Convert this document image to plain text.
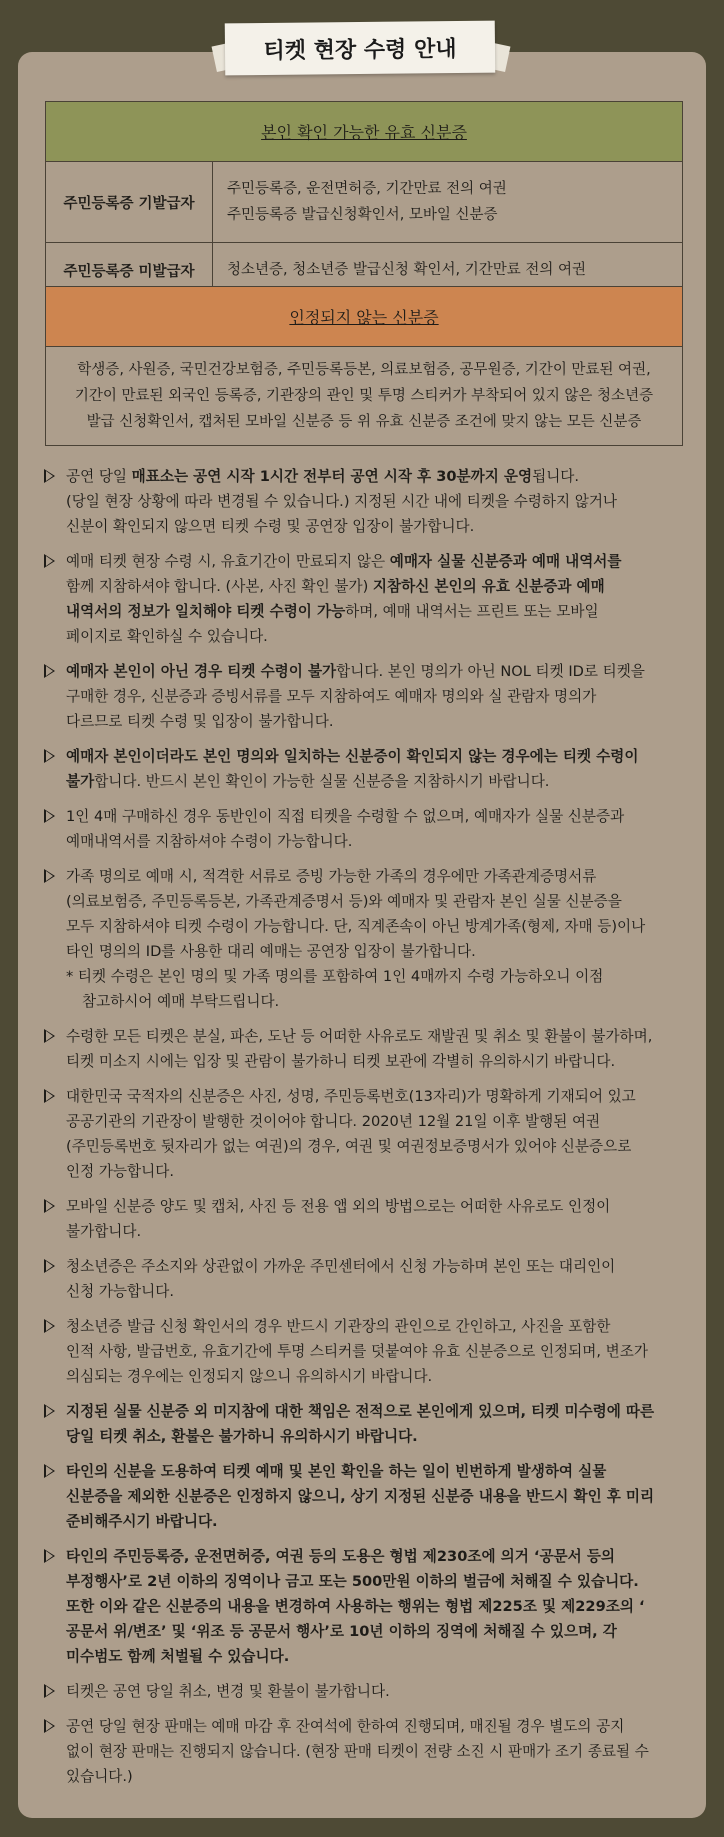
티켓 현장 수령 안내
본인 확인 가능한 유효 신분증	
주민등록증 기발급자	주민등록증, 운전면허증, 기간만료 전의 여권
주민등록증 발급신청확인서, 모바일 신분증

주민등록증 미발급자	청소년증, 청소년증 발급신청 확인서, 기간만료 전의 여권
인정되지 않는 신분증

학생증, 사원증, 국민건강보험증, 주민등록등본, 의료보험증, 공무원증, 기간이 만료된 여권,
기간이 만료된 외국인 등록증, 기관장의 관인 및 투명 스티커가 부착되어 있지 않은 청소년증
발급 신청확인서, 캡처된 모바일 신분증 등 위 유효 신분증 조건에 맞지 않는 모든 신분증
공연 당일 매표소는 공연 시작 1시간 전부터 공연 시작 후 30분까지 운영됩니다.
(당일 현장 상황에 따라 변경될 수 있습니다.) 지정된 시간 내에 티켓을 수령하지 않거나
신분이 확인되지 않으면 티켓 수령 및 공연장 입장이 불가합니다.
예매 티켓 현장 수령 시, 유효기간이 만료되지 않은 예매자 실물 신분증과 예매 내역서를
함께 지참하셔야 합니다. (사본, 사진 확인 불가) 지참하신 본인의 유효 신분증과 예매
내역서의 정보가 일치해야 티켓 수령이 가능하며, 예매 내역서는 프린트 또는 모바일
페이지로 확인하실 수 있습니다.
예매자 본인이 아닌 경우 티켓 수령이 불가합니다. 본인 명의가 아닌 NOL 티켓 ID로 티켓을
구매한 경우, 신분증과 증빙서류를 모두 지참하여도 예매자 명의와 실 관람자 명의가
다르므로 티켓 수령 및 입장이 불가합니다.
예매자 본인이더라도 본인 명의와 일치하는 신분증이 확인되지 않는 경우에는 티켓 수령이
불가합니다. 반드시 본인 확인이 가능한 실물 신분증을 지참하시기 바랍니다.
1인 4매 구매하신 경우 동반인이 직접 티켓을 수령할 수 없으며, 예매자가 실물 신분증과
예매내역서를 지참하셔야 수령이 가능합니다.
가족 명의로 예매 시, 적격한 서류로 증빙 가능한 가족의 경우에만 가족관계증명서류
(의료보험증, 주민등록등본, 가족관계증명서 등)와 예매자 및 관람자 본인 실물 신분증을
모두 지참하셔야 티켓 수령이 가능합니다. 단, 직계존속이 아닌 방계가족(형제, 자매 등)이나
타인 명의의 ID를 사용한 대리 예매는 공연장 입장이 불가합니다.
* 티켓 수령은 본인 명의 및 가족 명의를 포함하여 1인 4매까지 수령 가능하오니 이점
참고하시어 예매 부탁드립니다.
수령한 모든 티켓은 분실, 파손, 도난 등 어떠한 사유로도 재발권 및 취소 및 환불이 불가하며,
티켓 미소지 시에는 입장 및 관람이 불가하니 티켓 보관에 각별히 유의하시기 바랍니다.
대한민국 국적자의 신분증은 사진, 성명, 주민등록번호(13자리)가 명확하게 기재되어 있고
공공기관의 기관장이 발행한 것이어야 합니다. 2020년 12월 21일 이후 발행된 여권
(주민등록번호 뒷자리가 없는 여권)의 경우, 여권 및 여권정보증명서가 있어야 신분증으로
인정 가능합니다.
모바일 신분증 양도 및 캡처, 사진 등 전용 앱 외의 방법으로는 어떠한 사유로도 인정이
불가합니다.
청소년증은 주소지와 상관없이 가까운 주민센터에서 신청 가능하며 본인 또는 대리인이
신청 가능합니다.
청소년증 발급 신청 확인서의 경우 반드시 기관장의 관인으로 간인하고, 사진을 포함한
인적 사항, 발급번호, 유효기간에 투명 스티커를 덧붙여야 유효 신분증으로 인정되며, 변조가
의심되는 경우에는 인정되지 않으니 유의하시기 바랍니다.
지정된 실물 신분증 외 미지참에 대한 책임은 전적으로 본인에게 있으며, 티켓 미수령에 따른
당일 티켓 취소, 환불은 불가하니 유의하시기 바랍니다.
타인의 신분을 도용하여 티켓 예매 및 본인 확인을 하는 일이 빈번하게 발생하여 실물
신분증을 제외한 신분증은 인정하지 않으니, 상기 지정된 신분증 내용을 반드시 확인 후 미리
준비해주시기 바랍니다.
타인의 주민등록증, 운전면허증, 여권 등의 도용은 형법 제230조에 의거 ‘공문서 등의
부정행사’로 2년 이하의 징역이나 금고 또는 500만원 이하의 벌금에 처해질 수 있습니다.
또한 이와 같은 신분증의 내용을 변경하여 사용하는 행위는 형법 제225조 및 제229조의 ‘
공문서 위/변조’ 및 ‘위조 등 공문서 행사’로 10년 이하의 징역에 처해질 수 있으며, 각
미수범도 함께 처벌될 수 있습니다.
티켓은 공연 당일 취소, 변경 및 환불이 불가합니다.
공연 당일 현장 판매는 예매 마감 후 잔여석에 한하여 진행되며, 매진될 경우 별도의 공지
없이 현장 판매는 진행되지 않습니다. (현장 판매 티켓이 전량 소진 시 판매가 조기 종료될 수
있습니다.)
